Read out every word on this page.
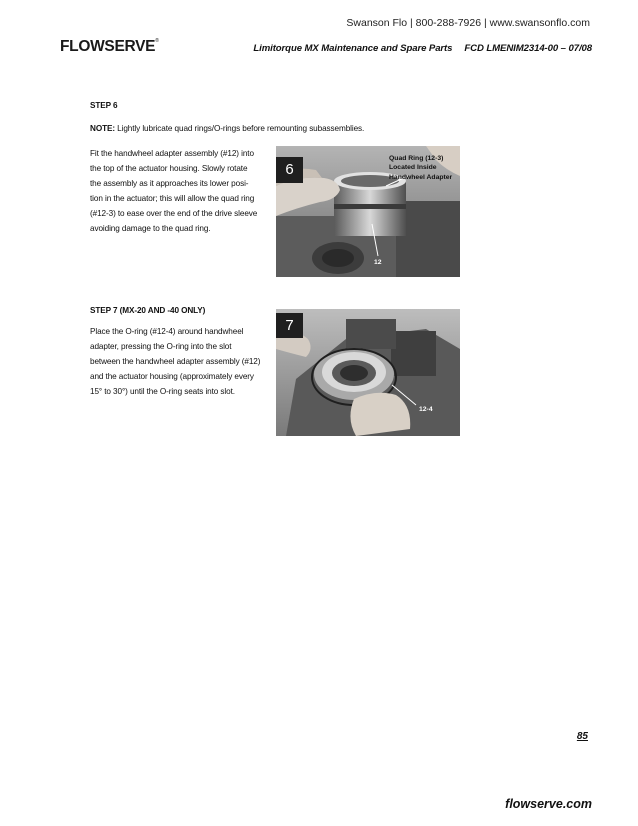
Swanson Flo | 800-288-7926 | www.swansonflo.com
FLOWSERVE®
Limitorque MX Maintenance and Spare Parts FCD LMENIM2314-00 – 07/08
STEP 6
NOTE: Lightly lubricate quad rings/O-rings before remounting subassemblies.
Fit the handwheel adapter assembly (#12) into
the top of the actuator housing. Slowly rotate
the assembly as it approaches its lower posi-
tion in the actuator; this will allow the quad ring
(#12-3) to ease over the end of the drive sleeve
avoiding damage to the quad ring.
6
Quad Ring (12-3)
Located Inside
Handwheel Adapter
12
STEP 7 (MX-20 AND -40 ONLY)
Place the O-ring (#12-4) around handwheel
adapter, pressing the O-ring into the slot
between the handwheel adapter assembly (#12)
and the actuator housing (approximately every
15° to 30°) until the O-ring seats into slot.
7
12-4
85
flowserve.com
